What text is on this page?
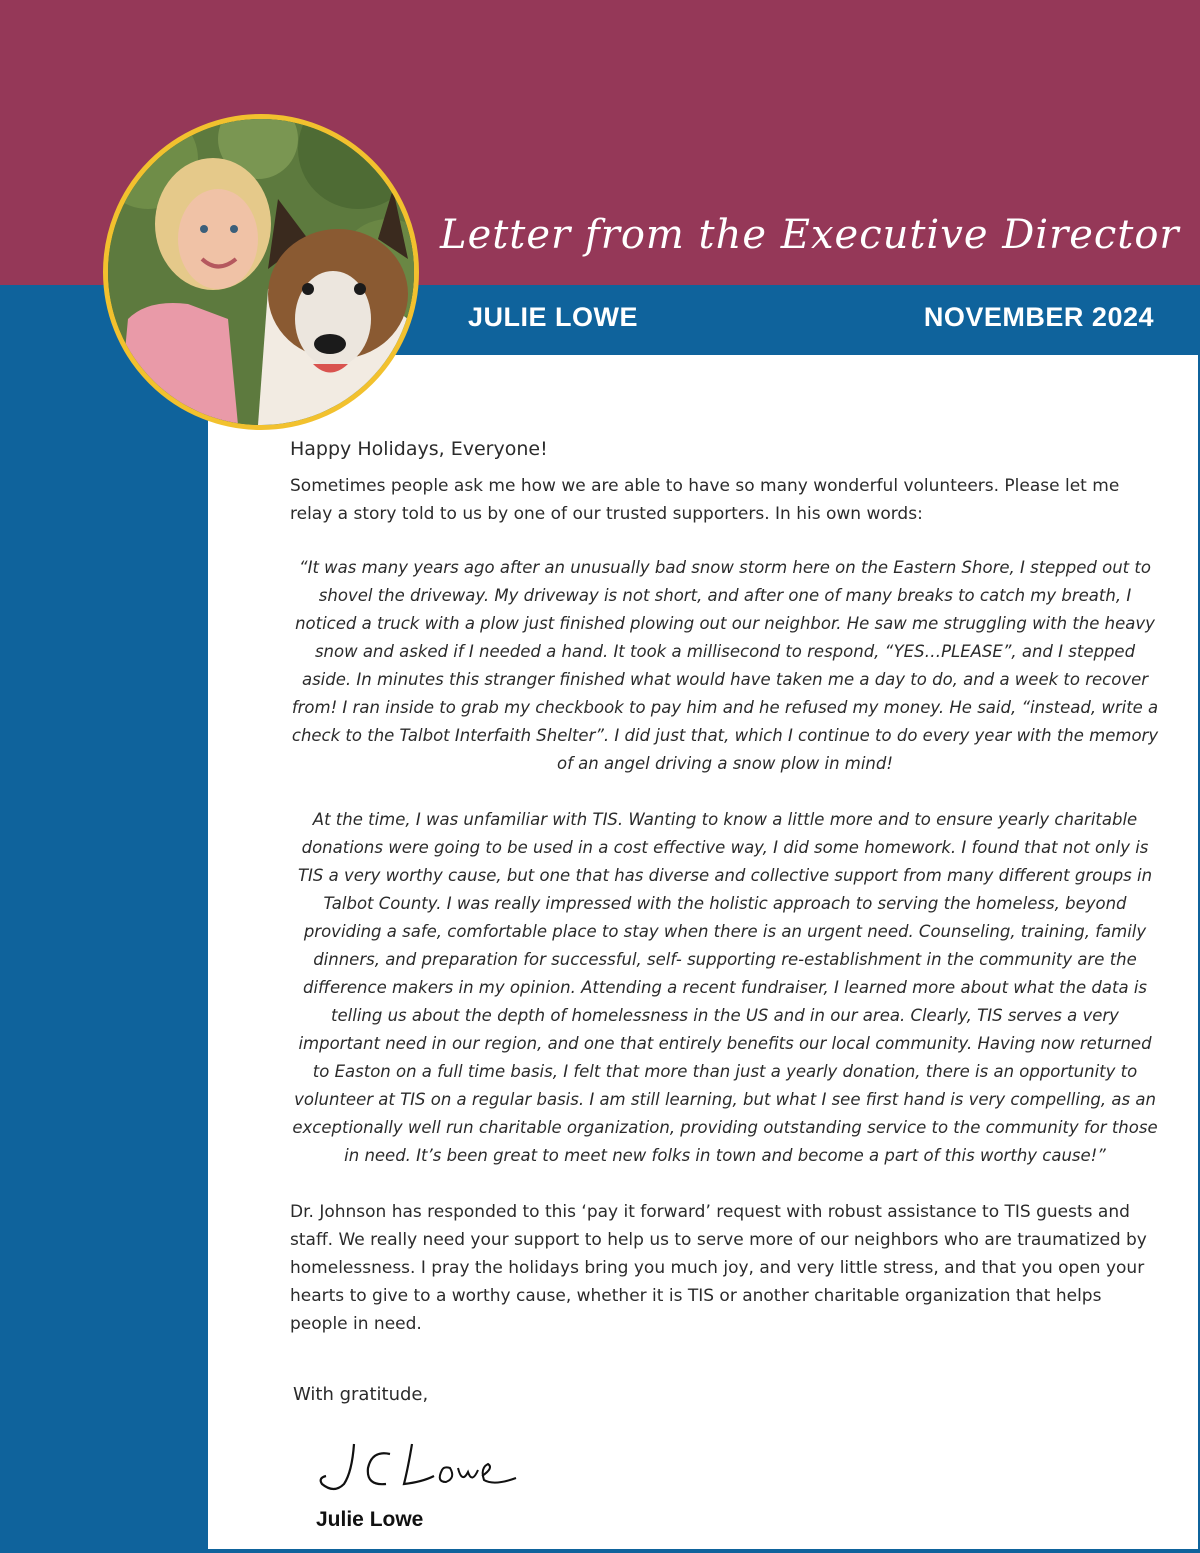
Letter from the Executive Director
JULIE LOWE	NOVEMBER 2024

Happy Holidays, Everyone!

Sometimes people ask me how we are able to have so many wonderful volunteers. Please let me relay a story told to us by one of our trusted supporters. In his own words:

“It was many years ago after an unusually bad snow storm here on the Eastern Shore, I stepped out to shovel the driveway. My driveway is not short, and after one of many breaks to catch my breath, I noticed a truck with a plow just finished plowing out our neighbor. He saw me struggling with the heavy snow and asked if I needed a hand. It took a millisecond to respond, “YES…PLEASE”, and I stepped aside. In minutes this stranger finished what would have taken me a day to do, and a week to recover from! I ran inside to grab my checkbook to pay him and he refused my money. He said, “instead, write a check to the Talbot Interfaith Shelter”. I did just that, which I continue to do every year with the memory of an angel driving a snow plow in mind!

At the time, I was unfamiliar with TIS. Wanting to know a little more and to ensure yearly charitable donations were going to be used in a cost effective way, I did some homework. I found that not only is TIS a very worthy cause, but one that has diverse and collective support from many different groups in Talbot County. I was really impressed with the holistic approach to serving the homeless, beyond providing a safe, comfortable place to stay when there is an urgent need. Counseling, training, family dinners, and preparation for successful, self- supporting re-establishment in the community are the difference makers in my opinion. Attending a recent fundraiser, I learned more about what the data is telling us about the depth of homelessness in the US and in our area. Clearly, TIS serves a very important need in our region, and one that entirely benefits our local community. Having now returned to Easton on a full time basis, I felt that more than just a yearly donation, there is an opportunity to volunteer at TIS on a regular basis. I am still learning, but what I see first hand is very compelling, as an exceptionally well run charitable organization, providing outstanding service to the community for those in need. It’s been great to meet new folks in town and become a part of this worthy cause!”

Dr. Johnson has responded to this ‘pay it forward’ request with robust assistance to TIS guests and staff. We really need your support to help us to serve more of our neighbors who are traumatized by homelessness. I pray the holidays bring you much joy, and very little stress, and that you open your hearts to give to a worthy cause, whether it is TIS or another charitable organization that helps people in need.

With gratitude,

Julie Lowe
